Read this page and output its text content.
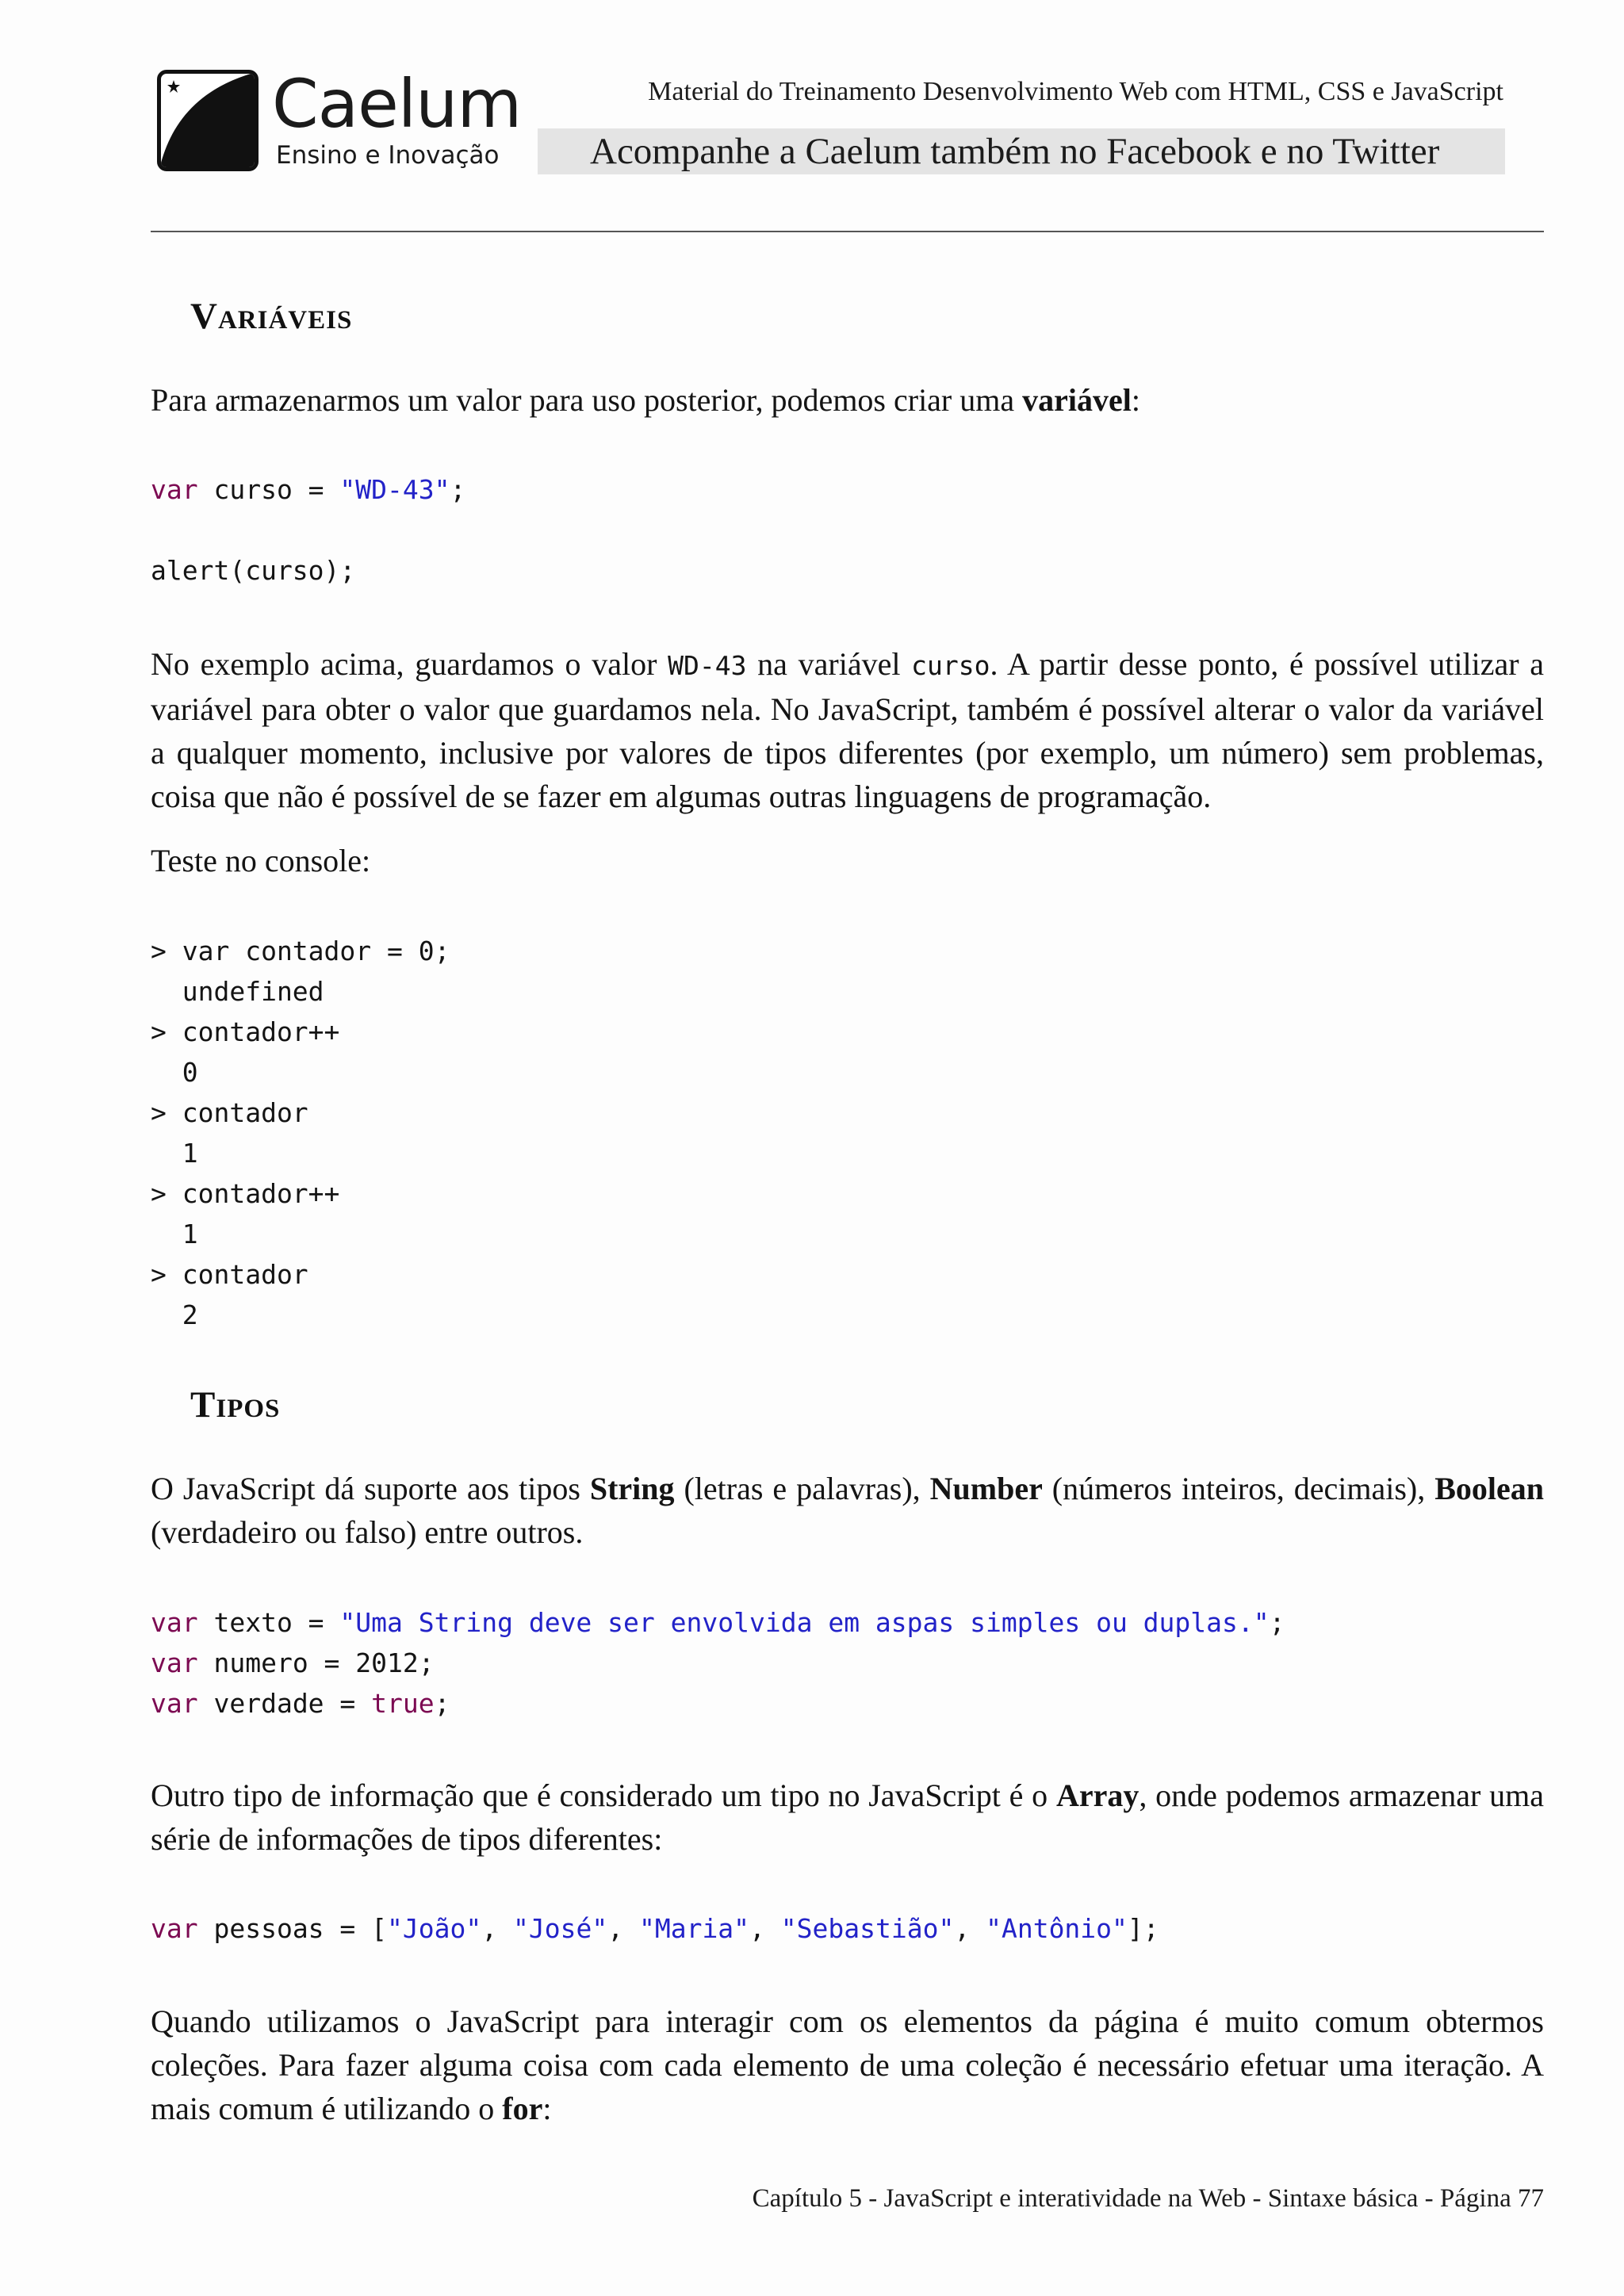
Caelum
Ensino e Inovação
Material do Treinamento Desenvolvimento Web com HTML, CSS e JavaScript
Acompanhe a Caelum também no Facebook e no Twitter
Variáveis
Para armazenarmos um valor para uso posterior, podemos criar uma variável:
var curso = "WD-43";

alert(curso);
No exemplo acima, guardamos o valor WD-43 na variável curso. A partir desse ponto, é possível utilizar a variável para obter o valor que guardamos nela. No JavaScript, também é possível alterar o valor da variável a qualquer momento, inclusive por valores de tipos diferentes (por exemplo, um número) sem problemas, coisa que não é possível de se fazer em algumas outras linguagens de programação.
Teste no console:
> var contador = 0;
undefined
> contador++
0
> contador
1
> contador++
1
> contador
2
Tipos
O JavaScript dá suporte aos tipos String (letras e palavras), Number (números inteiros, decimais), Boolean (verdadeiro ou falso) entre outros.
var texto = "Uma String deve ser envolvida em aspas simples ou duplas.";
var numero = 2012;
var verdade = true;
Outro tipo de informação que é considerado um tipo no JavaScript é o Array, onde podemos armazenar uma série de informações de tipos diferentes:
var pessoas = ["João", "José", "Maria", "Sebastião", "Antônio"];
Quando utilizamos o JavaScript para interagir com os elementos da página é muito comum obtermos coleções. Para fazer alguma coisa com cada elemento de uma coleção é necessário efetuar uma iteração. A mais comum é utilizando o for:
Capítulo 5 - JavaScript e interatividade na Web - Sintaxe básica - Página 77
